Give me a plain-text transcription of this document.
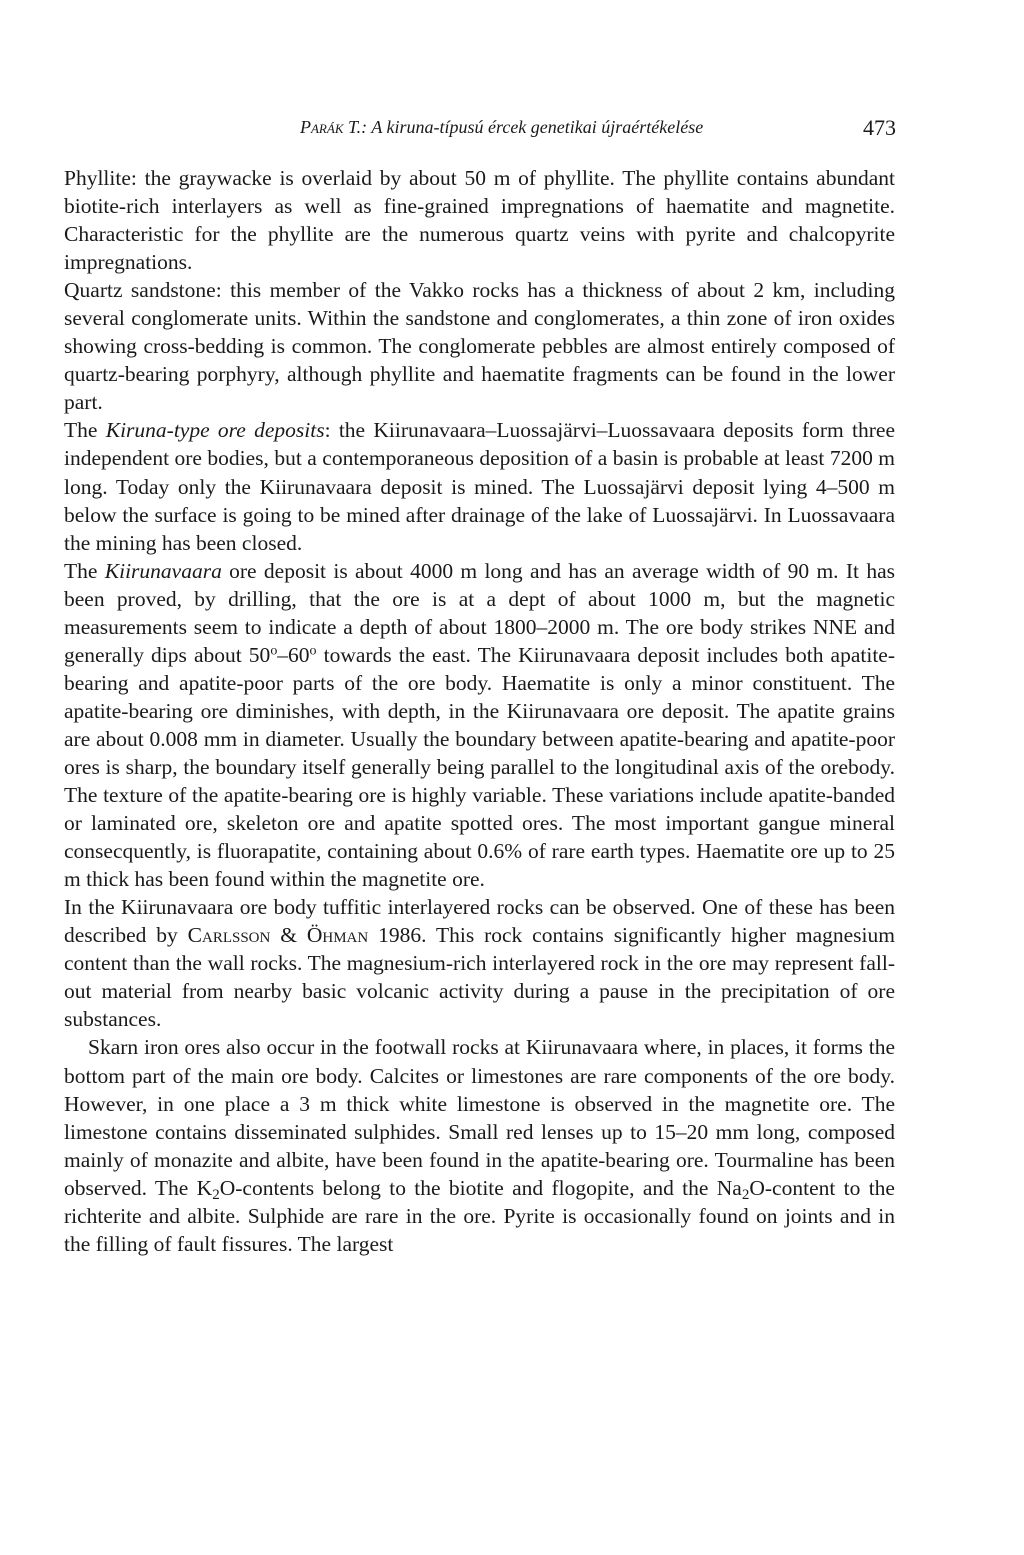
Parák T.: A kiruna-típusú ércek genetikai újraértékelése	473

Phyllite: the graywacke is overlaid by about 50 m of phyllite. The phyllite contains abundant biotite-rich interlayers as well as fine-grained impregnations of haematite and magnetite. Characteristic for the phyllite are the numerous quartz veins with pyrite and chalcopyrite impregnations.

Quartz sandstone: this member of the Vakko rocks has a thickness of about 2 km, including several conglomerate units. Within the sandstone and conglomerates, a thin zone of iron oxides showing cross-bedding is common. The conglomerate pebbles are almost entirely composed of quartz-bearing porphyry, although phyllite and haematite fragments can be found in the lower part.

The Kiruna-type ore deposits: the Kiirunavaara–Luossajärvi–Luossavaara deposits form three independent ore bodies, but a contemporaneous deposition of a basin is probable at least 7200 m long. Today only the Kiirunavaara deposit is mined. The Luossajärvi deposit lying 4–500 m below the surface is going to be mined after drainage of the lake of Luossajärvi. In Luossavaara the mining has been closed.

The Kiirunavaara ore deposit is about 4000 m long and has an average width of 90 m. It has been proved, by drilling, that the ore is at a dept of about 1000 m, but the magnetic measurements seem to indicate a depth of about 1800–2000 m. The ore body strikes NNE and generally dips about 50$^o$–60$^o$ towards the east. The Kiirunavaara deposit includes both apatite-bearing and apatite-poor parts of the ore body. Haematite is only a minor constituent. The apatite-bearing ore diminishes, with depth, in the Kiirunavaara ore deposit. The apatite grains are about 0.008 mm in diameter. Usually the boundary between apatite-bearing and apatite-poor ores is sharp, the boundary itself generally being parallel to the longitudinal axis of the orebody. The texture of the apatite-bearing ore is highly variable. These variations include apatite-banded or laminated ore, skeleton ore and apatite spotted ores. The most important gangue mineral consecquently, is fluorapatite, containing about 0.6% of rare earth types. Haematite ore up to 25 m thick has been found within the magnetite ore.

In the Kiirunavaara ore body tuffitic interlayered rocks can be observed. One of these has been described by Carlsson & Öhman 1986. This rock contains significantly higher magnesium content than the wall rocks. The magnesium-rich interlayered rock in the ore may represent fall-out material from nearby basic volcanic activity during a pause in the precipitation of ore substances.

Skarn iron ores also occur in the footwall rocks at Kiirunavaara where, in places, it forms the bottom part of the main ore body. Calcites or limestones are rare components of the ore body. However, in one place a 3 m thick white limestone is observed in the magnetite ore. The limestone contains disseminated sulphides. Small red lenses up to 15–20 mm long, composed mainly of monazite and albite, have been found in the apatite-bearing ore. Tourmaline has been observed. The $K_2O$-contents belong to the biotite and flogopite, and the $Na_2O$-content to the richterite and albite. Sulphide are rare in the ore. Pyrite is occasionally found on joints and in the filling of fault fissures. The largest
